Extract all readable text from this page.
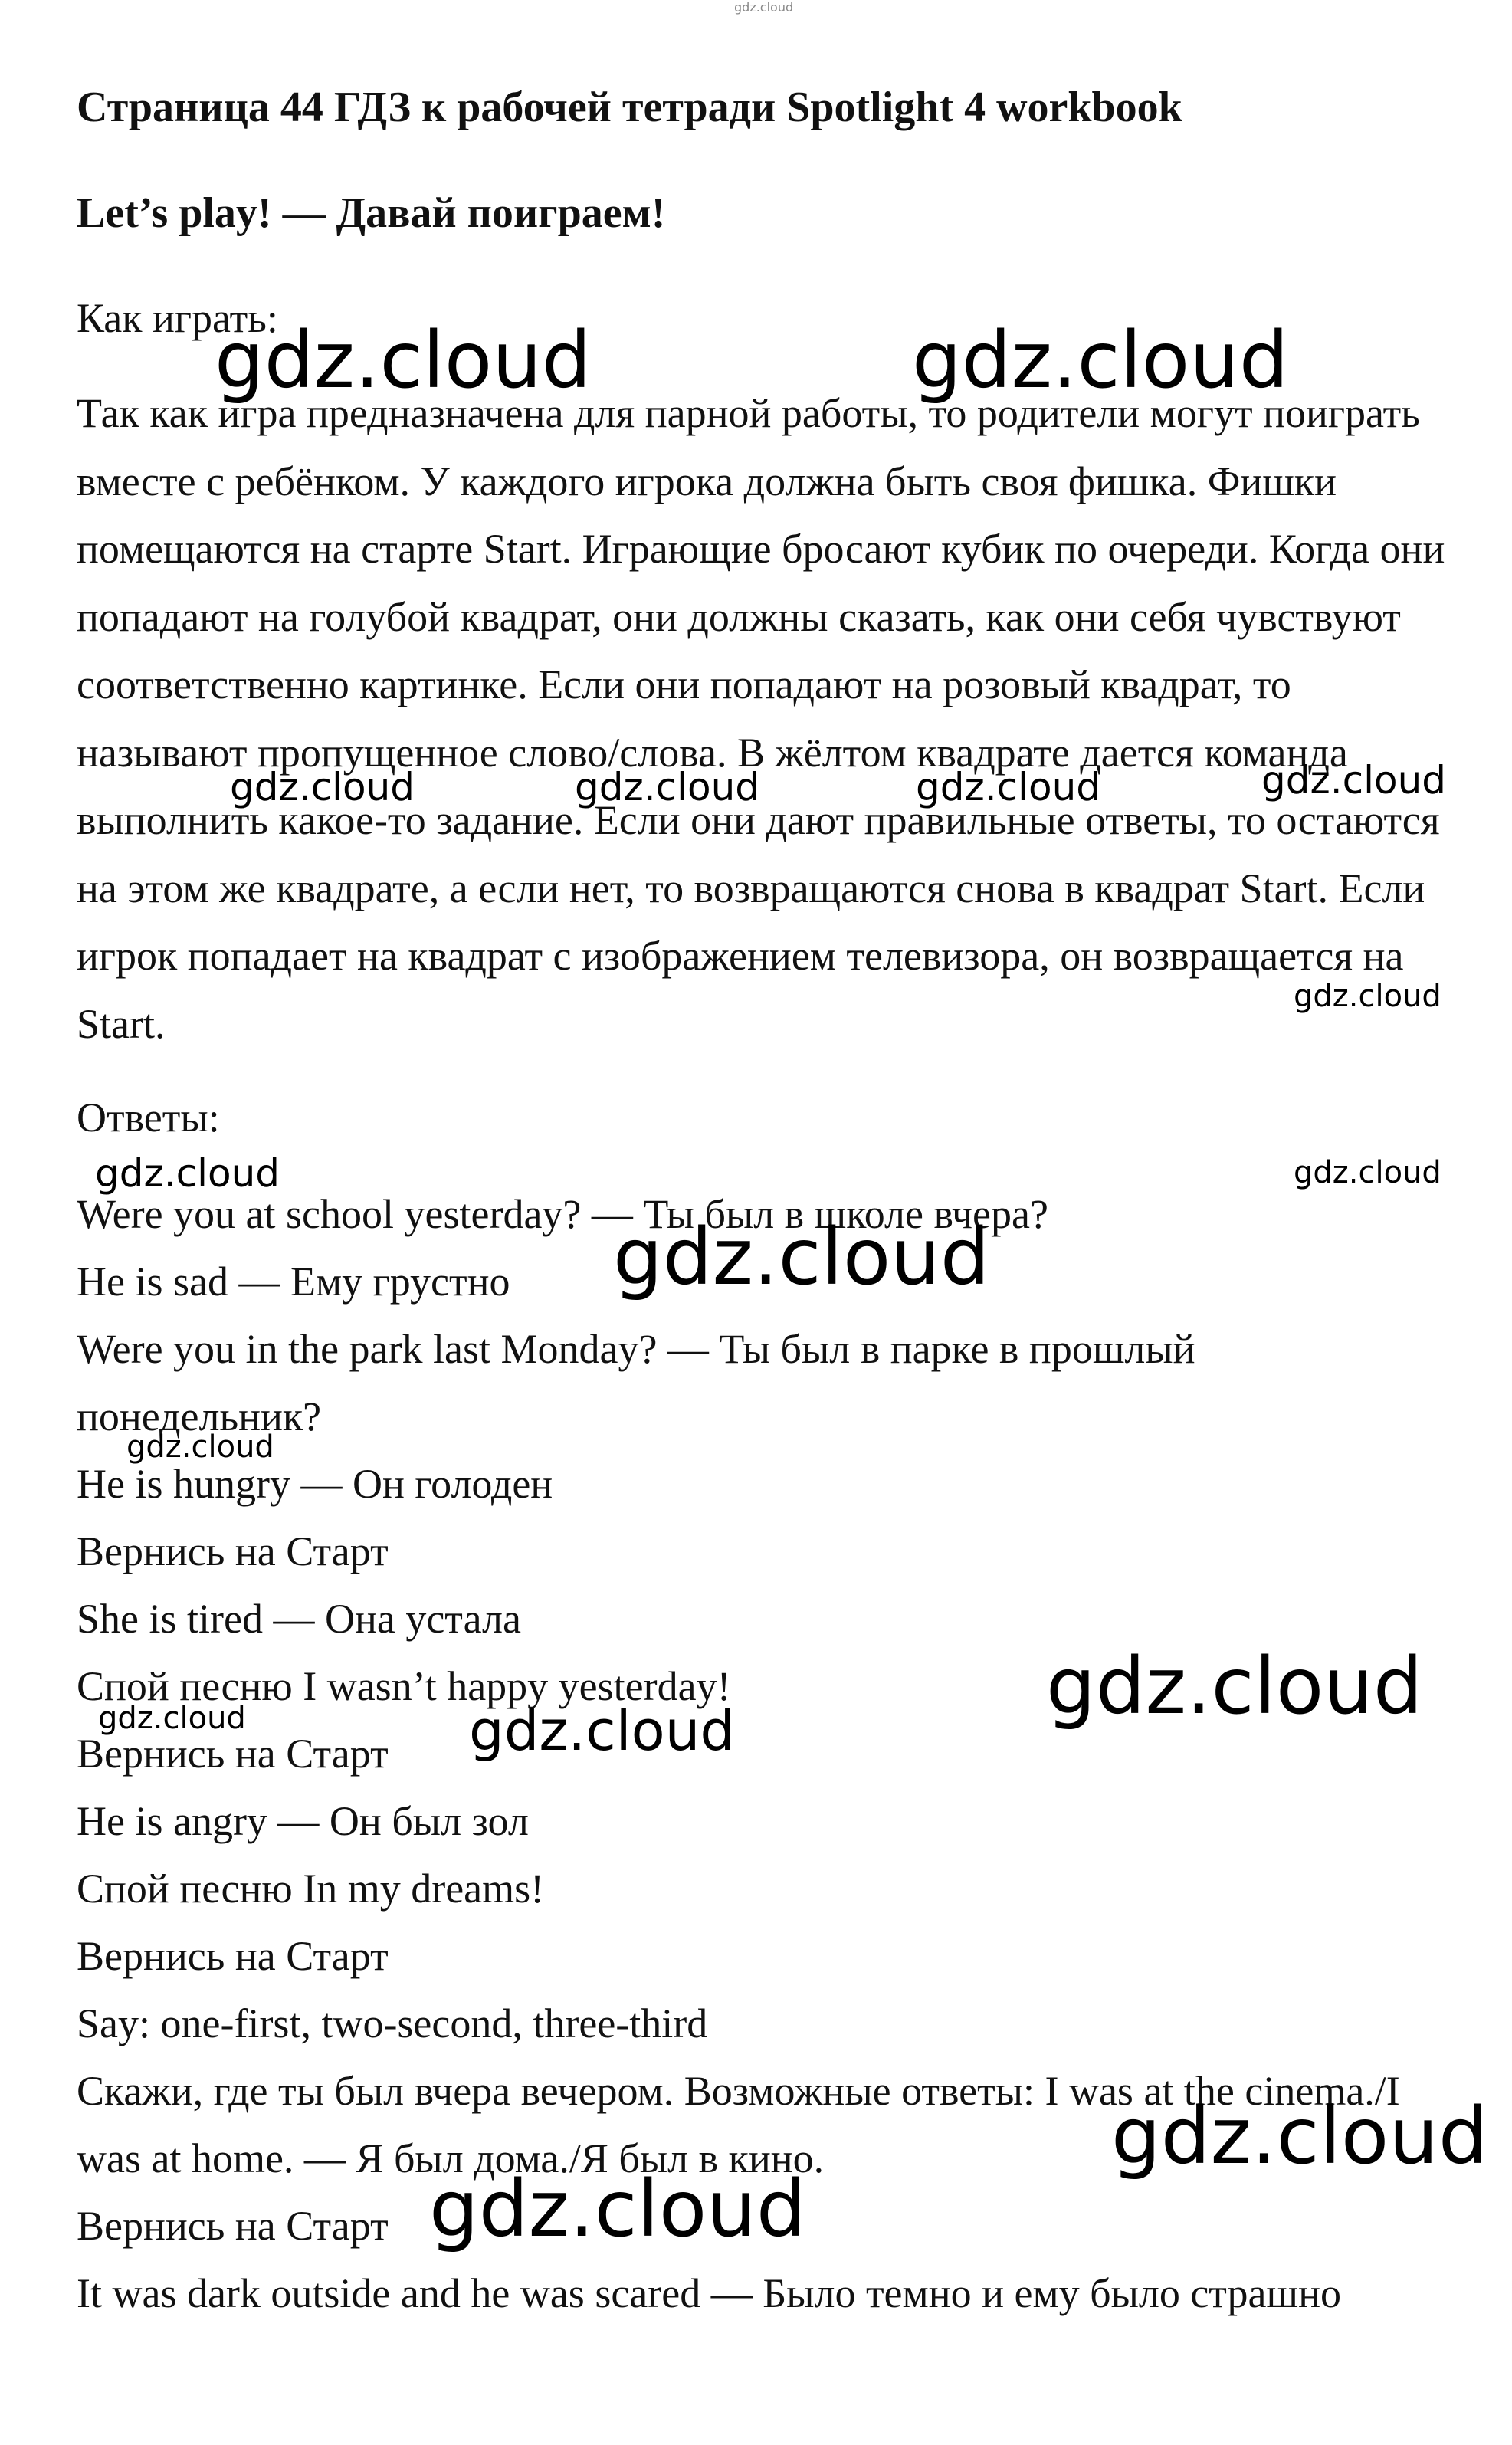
gdz.cloud
Страница 44 ГДЗ к рабочей тетради Spotlight 4 workbook
Let’s play! — Давай поиграем!
Как играть:
Так как игра предназначена для парной работы, то родители могут поиграть вместе с ребёнком. У каждого игрока должна быть своя фишка. Фишки помещаются на старте Start. Играющие бросают кубик по очереди. Когда они попадают на голубой квадрат, они должны сказать, как они себя чувствуют соответственно картинке. Если они попадают на розовый квадрат, то называют пропущенное слово/слова. В жёлтом квадрате дается команда выполнить какое-то задание. Если они дают правильные ответы, то остаются на этом же квадрате, а если нет, то возвращаются снова в квадрат Start. Если игрок попадает на квадрат с изображением телевизора, он возвращается на Start.
Ответы:
Were you at school yesterday? — Ты был в школе вчера?
He is sad — Ему грустно
Were you in the park last Monday? — Ты был в парке в прошлый понедельник?
He is hungry — Он голоден
Вернись на Старт
She is tired — Она устала
Спой песню I wasn’t happy yesterday!
Вернись на Старт
He is angry — Он был зол
Спой песню In my dreams!
Вернись на Старт
Say: one-first, two-second, three-third
Скажи, где ты был вчера вечером. Возможные ответы: I was at the cinema./I was at home. — Я был дома./Я был в кино.
Вернись на Старт
It was dark outside and he was scared — Было темно и ему было страшно
gdz.cloud	gdz.cloud
gdz.cloud	gdz.cloud	gdz.cloud	gdz.cloud
gdz.cloud
gdz.cloud	gdz.cloud
gdz.cloud
gdz.cloud
gdz.cloud
gdz.cloud	gdz.cloud
gdz.cloud
gdz.cloud
